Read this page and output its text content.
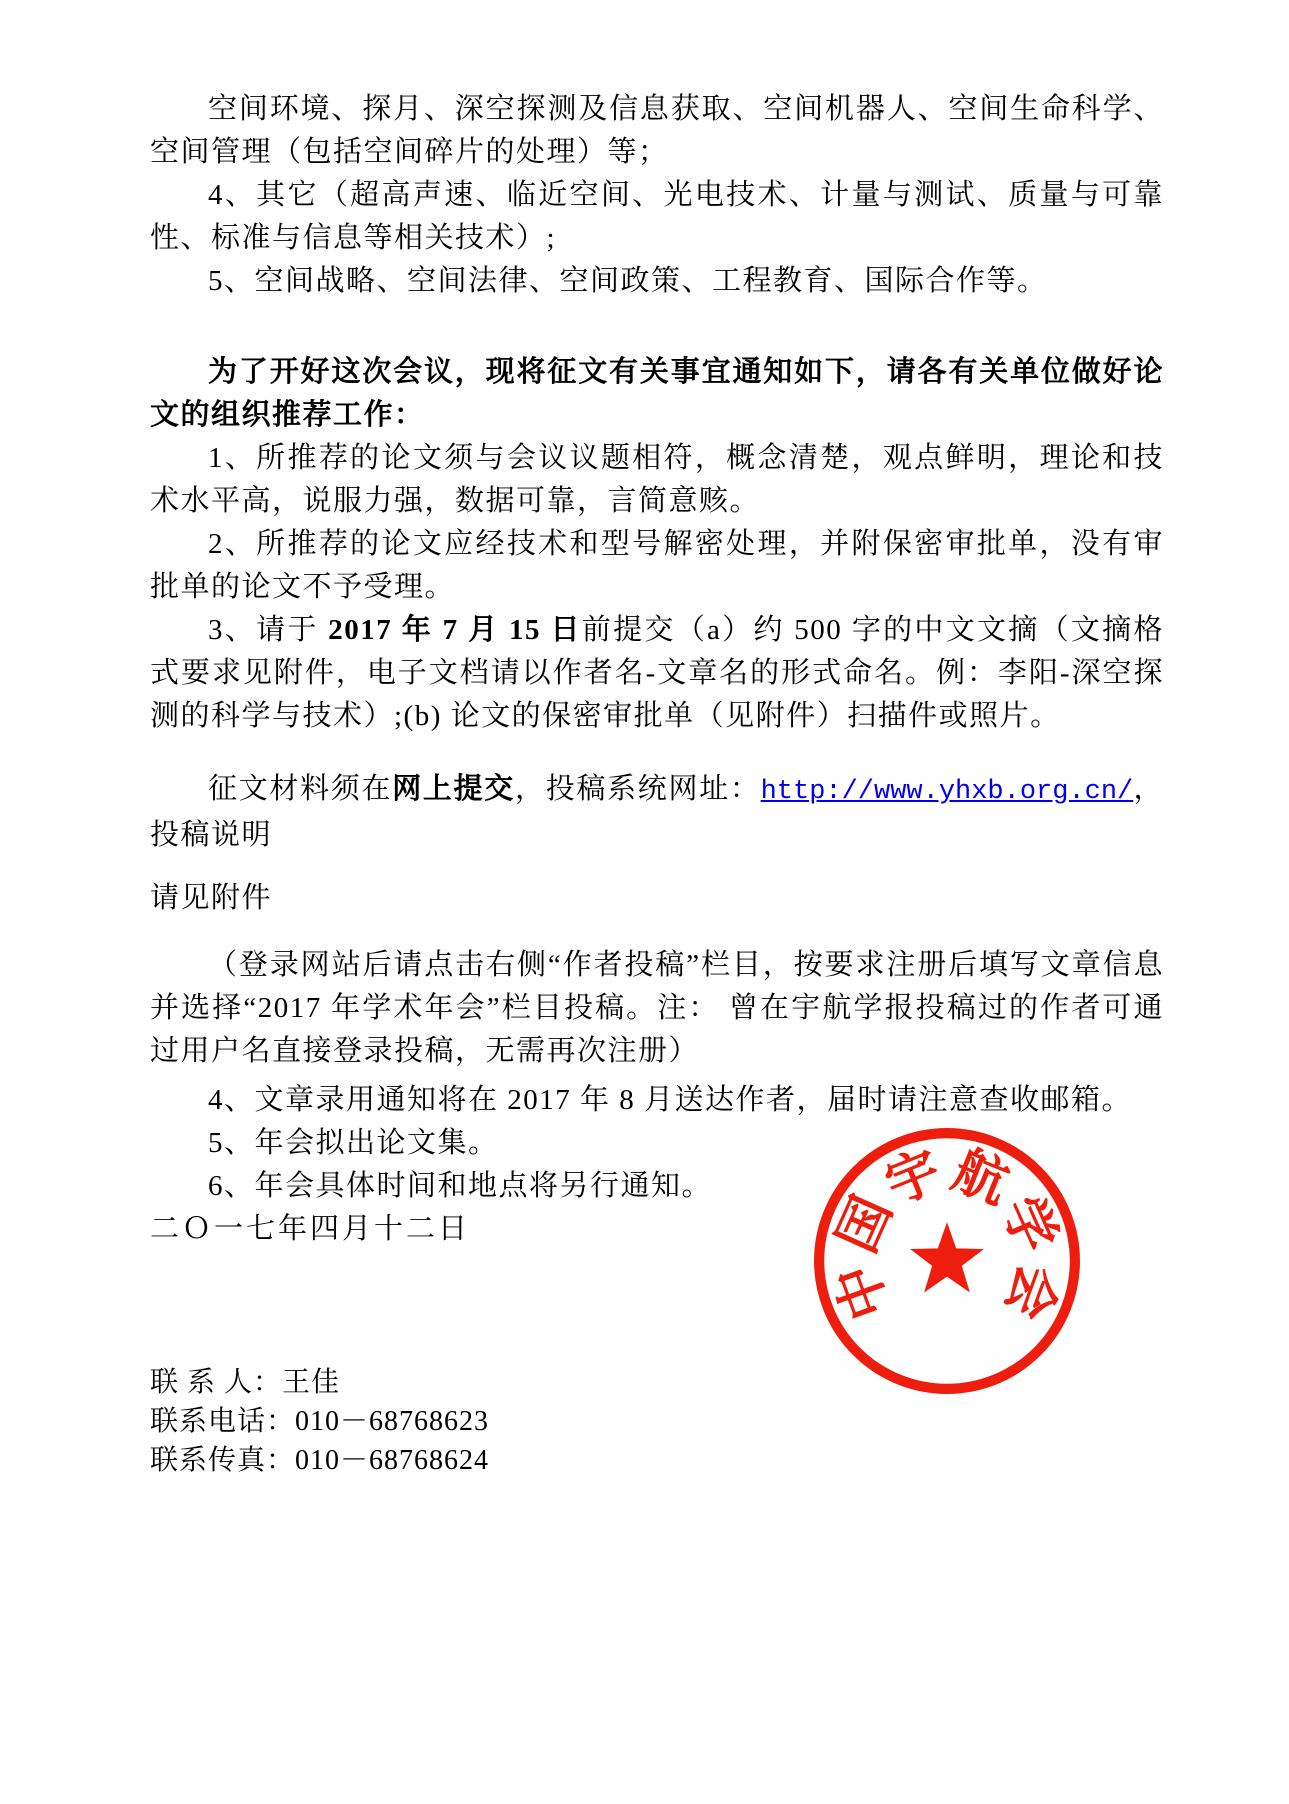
中
国
宇
航
学
会

空间环境、探月、深空探测及信息获取、空间机器人、空间生命科学、空间管理（包括空间碎片的处理）等；

4、其它（超高声速、临近空间、光电技术、计量与测试、质量与可靠性、标准与信息等相关技术）;

5、空间战略、空间法律、空间政策、工程教育、国际合作等。

为了开好这次会议，现将征文有关事宜通知如下，请各有关单位做好论文的组织推荐工作：

1、所推荐的论文须与会议议题相符，概念清楚，观点鲜明，理论和技术水平高，说服力强，数据可靠，言简意赅。

2、所推荐的论文应经技术和型号解密处理，并附保密审批单，没有审批单的论文不予受理。

3、请于 2017 年 7 月 15 日前提交（a）约 500 字的中文文摘（文摘格式要求见附件，电子文档请以作者名-文章名的形式命名。例：李阳-深空探测的科学与技术）;(b) 论文的保密审批单（见附件）扫描件或照片。

征文材料须在网上提交，投稿系统网址：http://www.yhxb.org.cn/，投稿说明

请见附件

（登录网站后请点击右侧“作者投稿”栏目，按要求注册后填写文章信息并选择“2017 年学术年会”栏目投稿。注： 曾在宇航学报投稿过的作者可通过用户名直接登录投稿，无需再次注册）

4、文章录用通知将在 2017 年 8 月送达作者，届时请注意查收邮箱。

5、年会拟出论文集。

6、年会具体时间和地点将另行通知。

二Ｏ一七年四月十二日

联 系 人：王佳
联系电话：010－68768623
联系传真：010－68768624
